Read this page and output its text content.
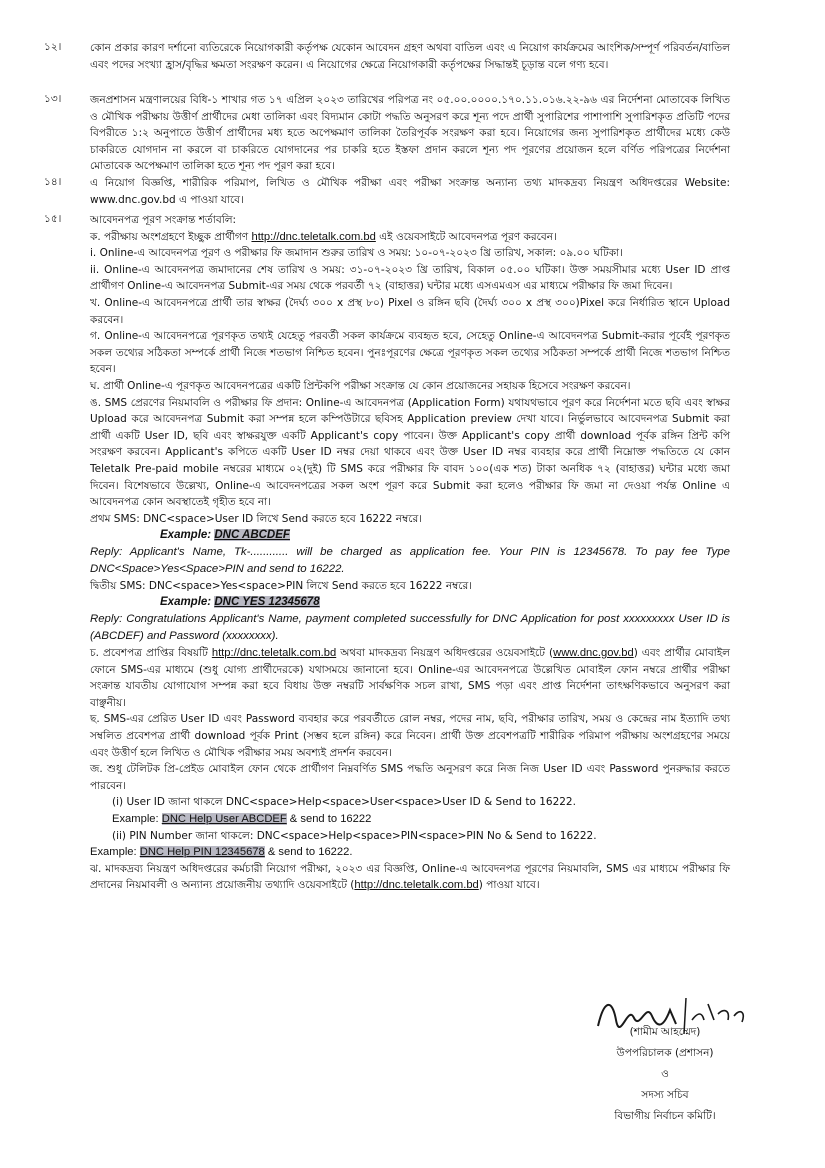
১২।	কোন প্রকার কারণ দর্শানো ব্যতিরেকে নিয়োগকারী কর্তৃপক্ষ যেকোন আবেদন গ্রহণ অথবা বাতিল এবং এ নিয়োগ কার্যক্রমের আংশিক/সম্পূর্ণ পরিবর্তন/বাতিল এবং পদের সংখ্যা হ্রাস/বৃদ্ধির ক্ষমতা সংরক্ষণ করেন। এ নিয়োগের ক্ষেত্রে নিয়োগকারী কর্তৃপক্ষের সিদ্ধান্তই চূড়ান্ত বলে গণ্য হবে।

১৩।	জনপ্রশাসন মন্ত্রণালয়ের বিধি-১ শাখার গত ১৭ এপ্রিল ২০২৩ তারিখের পরিপত্র নং ০৫.০০.০০০০.১৭০.১১.০১৬.২২-৯৬ এর নির্দেশনা মোতাবেক লিখিত ও মৌখিক পরীক্ষায় উত্তীর্ণ প্রার্থীদের মেধা তালিকা এবং বিদ্যমান কোটা পদ্ধতি অনুসরণ করে শূন্য পদে প্রার্থী সুপারিশের পাশাপাশি সুপারিশকৃত প্রতিটি পদের বিপরীতে ১:২ অনুপাতে উত্তীর্ণ প্রার্থীদের মধ্য হতে অপেক্ষমাণ তালিকা তৈরিপূর্বক সংরক্ষণ করা হবে। নিয়োগের জন্য সুপারিশকৃত প্রার্থীদের মধ্যে কেউ চাকরিতে যোগদান না করলে বা চাকরিতে যোগদানের পর চাকরি হতে ইস্তফা প্রদান করলে শূন্য পদ পূরণের প্রয়োজন হলে বর্ণিত পরিপত্রের নির্দেশনা মোতাবেক অপেক্ষমাণ তালিকা হতে শূন্য পদ পূরণ করা হবে।

১৪।	এ নিয়োগ বিজ্ঞপ্তি, শারীরিক পরিমাপ, লিখিত ও মৌখিক পরীক্ষা এবং পরীক্ষা সংক্রান্ত অন্যান্য তথ্য মাদকদ্রব্য নিয়ন্ত্রণ অধিদপ্তরের Website: www.dnc.gov.bd এ পাওয়া যাবে।

১৫।	আবেদনপত্র পূরণ সংক্রান্ত শর্তাবলি:

ক. পরীক্ষায় অংশগ্রহণে ইচ্ছুক প্রার্থীগণ http://dnc.teletalk.com.bd এই ওয়েবসাইটে আবেদনপত্র পূরণ করবেন।

i. Online-এ আবেদনপত্র পূরণ ও পরীক্ষার ফি জমাদান শুরুর তারিখ ও সময়: ১০-০৭-২০২৩ খ্রি তারিখ, সকাল: ০৯.০০ ঘটিকা।

ii. Online-এ আবেদনপত্র জমাদানের শেষ তারিখ ও সময়: ৩১-০৭-২০২৩ খ্রি তারিখ, বিকাল ০৫.০০ ঘটিকা। উক্ত সময়সীমার মধ্যে User ID প্রাপ্ত প্রার্থীগণ Online-এ আবেদনপত্র Submit-এর সময় থেকে পরবর্তী ৭২ (বাহাত্তর) ঘন্টার মধ্যে এসএমএস এর মাধ্যমে পরীক্ষার ফি জমা দিবেন।

খ. Online-এ আবেদনপত্রে প্রার্থী তার স্বাক্ষর (দৈর্ঘ্য ৩০০ x প্রস্থ ৮০) Pixel ও রঙ্গিন ছবি (দৈর্ঘ্য ৩০০ x প্রস্থ ৩০০)Pixel করে নির্ধারিত স্থানে Upload করবেন।

গ. Online-এ আবেদনপত্রে পূরণকৃত তথ্যই যেহেতু পরবর্তী সকল কার্যক্রমে ব্যবহৃত হবে, সেহেতু Online-এ আবেদনপত্র Submit-করার পূর্বেই পূরণকৃত সকল তথ্যের সঠিকতা সম্পর্কে প্রার্থী নিজে শতভাগ নিশ্চিত হবেন। পুনঃপূরণের ক্ষেত্রে পূরণকৃত সকল তথ্যের সঠিকতা সম্পর্কে প্রার্থী নিজে শতভাগ নিশ্চিত হবেন।

ঘ. প্রার্থী Online-এ পূরণকৃত আবেদনপত্রের একটি প্রিন্টকপি পরীক্ষা সংক্রান্ত যে কোন প্রয়োজনের সহায়ক হিসেবে সংরক্ষণ করবেন।

ঙ. SMS প্রেরণের নিয়মাবলি ও পরীক্ষার ফি প্রদান: Online-এ আবেদনপত্র (Application Form) যথাযথভাবে পূরণ করে নির্দেশনা মতে ছবি এবং স্বাক্ষর Upload করে আবেদনপত্র Submit করা সম্পন্ন হলে কম্পিউটারে ছবিসহ Application preview দেখা যাবে। নির্ভুলভাবে আবেদনপত্র Submit করা প্রার্থী একটি User ID, ছবি এবং স্বাক্ষরযুক্ত একটি Applicant's copy পাবেন। উক্ত Applicant's copy প্রার্থী download পূর্বক রঙ্গিন প্রিন্ট কপি সংরক্ষণ করবেন। Applicant's কপিতে একটি User ID নম্বর দেয়া থাকবে এবং উক্ত User ID নম্বর ব্যবহার করে প্রার্থী নিম্নোক্ত পদ্ধতিতে যে কোন Teletalk Pre-paid mobile নম্বরের মাধ্যমে ০২(দুই) টি SMS করে পরীক্ষার ফি বাবদ ১০০(এক শত) টাকা অনধিক ৭২ (বাহাত্তর) ঘন্টার মধ্যে জমা দিবেন। বিশেষভাবে উল্লেখ্য, Online-এ আবেদনপত্রের সকল অংশ পূরণ করে Submit করা হলেও পরীক্ষার ফি জমা না দেওয়া পর্যন্ত Online এ আবেদনপত্র কোন অবস্থাতেই গৃহীত হবে না।

প্রথম SMS: DNC<space>User ID লিখে Send করতে হবে 16222 নম্বরে।

Example: DNC ABCDEF

Reply: Applicant's Name, Tk-............ will be charged as application fee. Your PIN is 12345678. To pay fee Type DNC<Space>Yes<Space>PIN and send to 16222.

দ্বিতীয় SMS: DNC<space>Yes<space>PIN লিখে Send করতে হবে 16222 নম্বরে।

Example: DNC YES 12345678

Reply: Congratulations Applicant's Name, payment completed successfully for DNC Application for post xxxxxxxxx User ID is (ABCDEF) and Password (xxxxxxxx).

চ. প্রবেশপত্র প্রাপ্তির বিষয়টি http://dnc.teletalk.com.bd অথবা মাদকদ্রব্য নিয়ন্ত্রণ অধিদপ্তরের ওয়েবসাইটে (www.dnc.gov.bd) এবং প্রার্থীর মোবাইল ফোনে SMS-এর মাধ্যমে (শুধু যোগ্য প্রার্থীদেরকে) যথাসময়ে জানানো হবে। Online-এর আবেদনপত্রে উল্লেখিত মোবাইল ফোন নম্বরে প্রার্থীর পরীক্ষা সংক্রান্ত যাবতীয় যোগাযোগ সম্পন্ন করা হবে বিধায় উক্ত নম্বরটি সার্বক্ষণিক সচল রাখা, SMS পড়া এবং প্রাপ্ত নির্দেশনা তাৎক্ষণিকভাবে অনুসরণ করা বাঞ্ছনীয়।

ছ. SMS-এর প্রেরিত User ID এবং Password ব্যবহার করে পরবর্তীতে রোল নম্বর, পদের নাম, ছবি, পরীক্ষার তারিখ, সময় ও কেন্দ্রের নাম ইত্যাদি তথ্য সম্বলিত প্রবেশপত্র প্রার্থী download পূর্বক Print (সম্ভব হলে রঙ্গিন) করে নিবেন। প্রার্থী উক্ত প্রবেশপত্রটি শারীরিক পরিমাপ পরীক্ষায় অংশগ্রহণের সময়ে এবং উত্তীর্ণ হলে লিখিত ও মৌখিক পরীক্ষার সময় অবশ্যই প্রদর্শন করবেন।

জ. শুধু টেলিটক প্রি-প্রেইড মোবাইল ফোন থেকে প্রার্থীগণ নিম্নবর্ণিত SMS পদ্ধতি অনুসরণ করে নিজ নিজ User ID এবং Password পুনরুদ্ধার করতে পারবেন।

(i) User ID জানা থাকলে DNC<space>Help<space>User<space>User ID & Send to 16222.

Example: DNC Help User ABCDEF & send to 16222

(ii) PIN Number জানা থাকলে: DNC<space>Help<space>PIN<space>PIN No & Send to 16222.

Example: DNC Help PIN 12345678 & send to 16222.

ঝ. মাদকদ্রব্য নিয়ন্ত্রণ অধিদপ্তরের কর্মচারী নিয়োগ পরীক্ষা, ২০২৩ এর বিজ্ঞপ্তি, Online-এ আবেদনপত্র পূরণের নিয়মাবলি, SMS এর মাধ্যমে পরীক্ষার ফি প্রদানের নিয়মাবলী ও অন্যান্য প্রয়োজনীয় তথ্যাদি ওয়েবসাইটে (http://dnc.teletalk.com.bd) পাওয়া যাবে।

(শামীম আহম্মেদ)
উপপরিচালক (প্রশাসন)
ও
সদস্য সচিব
বিভাগীয় নির্বাচন কমিটি।
